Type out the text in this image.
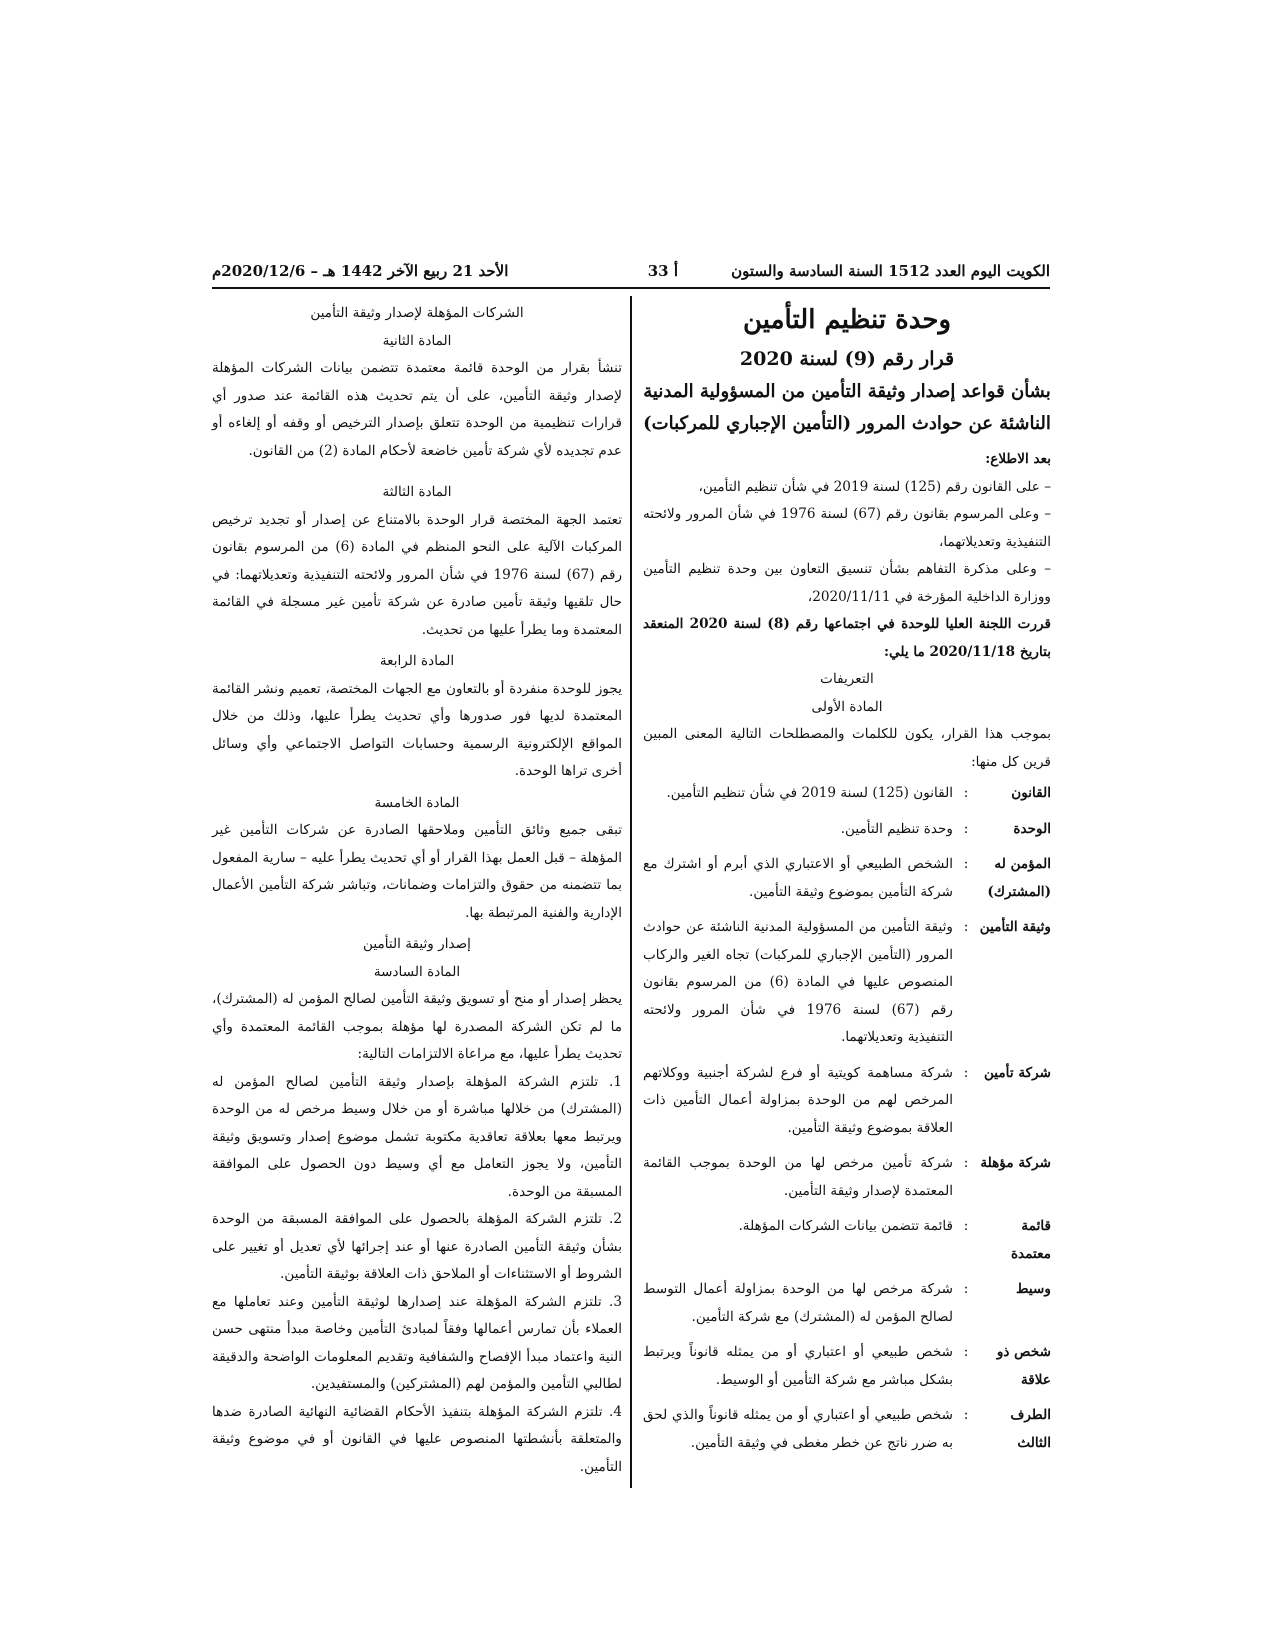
الكويت اليوم العدد 1512 السنة السادسة والستون
أ 33
الأحد 21 ربيع الآخر 1442 هـ – 2020/12/6م
وحدة تنظيم التأمين
قرار رقم (9) لسنة 2020
بشأن قواعد إصدار وثيقة التأمين من المسؤولية المدنية الناشئة عن حوادث المرور (التأمين الإجباري للمركبات)

بعد الاطلاع:

– على القانون رقم (125) لسنة 2019 في شأن تنظيم التأمين،

– وعلى المرسوم بقانون رقم (67) لسنة 1976 في شأن المرور ولائحته التنفيذية وتعديلاتهما،

– وعلى مذكرة التفاهم بشأن تنسيق التعاون بين وحدة تنظيم التأمين ووزارة الداخلية المؤرخة في 2020/11/11،

قررت اللجنة العليا للوحدة في اجتماعها رقم (8) لسنة 2020 المنعقد بتاريخ 2020/11/18 ما يلي:

التعريفات

المادة الأولى

بموجب هذا القرار، يكون للكلمات والمصطلحات التالية المعنى المبين قرين كل منها:

القانون
:
القانون (125) لسنة 2019 في شأن تنظيم التأمين.
الوحدة
:
وحدة تنظيم التأمين.
المؤمن له (المشترك)
:
الشخص الطبيعي أو الاعتباري الذي أبرم أو اشترك مع شركة التأمين بموضوع وثيقة التأمين.
وثيقة التأمين
:
وثيقة التأمين من المسؤولية المدنية الناشئة عن حوادث المرور (التأمين الإجباري للمركبات) تجاه الغير والركاب المنصوص عليها في المادة (6) من المرسوم بقانون رقم (67) لسنة 1976 في شأن المرور ولائحته التنفيذية وتعديلاتهما.
شركة تأمين
:
شركة مساهمة كويتية أو فرع لشركة أجنبية ووكلاتهم المرخص لهم من الوحدة بمزاولة أعمال التأمين ذات العلاقة بموضوع وثيقة التأمين.
شركة مؤهلة
:
شركة تأمين مرخص لها من الوحدة بموجب القائمة المعتمدة لإصدار وثيقة التأمين.
قائمة معتمدة
:
قائمة تتضمن بيانات الشركات المؤهلة.
وسيط
:
شركة مرخص لها من الوحدة بمزاولة أعمال التوسط لصالح المؤمن له (المشترك) مع شركة التأمين.
شخص ذو علاقة
:
شخص طبيعي أو اعتباري أو من يمثله قانوناً ويرتبط بشكل مباشر مع شركة التأمين أو الوسيط.
الطرف الثالث
:
شخص طبيعي أو اعتباري أو من يمثله قانوناً والذي لحق به ضرر ناتج عن خطر مغطى في وثيقة التأمين.

الشركات المؤهلة لإصدار وثيقة التأمين

المادة الثانية

تنشأ بقرار من الوحدة قائمة معتمدة تتضمن بيانات الشركات المؤهلة لإصدار وثيقة التأمين، على أن يتم تحديث هذه القائمة عند صدور أي قرارات تنظيمية من الوحدة تتعلق بإصدار الترخيص أو وقفه أو إلغاءه أو عدم تجديده لأي شركة تأمين خاضعة لأحكام المادة (2) من القانون.

المادة الثالثة

تعتمد الجهة المختصة قرار الوحدة بالامتناع عن إصدار أو تجديد ترخيص المركبات الآلية على النحو المنظم في المادة (6) من المرسوم بقانون رقم (67) لسنة 1976 في شأن المرور ولائحته التنفيذية وتعديلاتهما: في حال تلقيها وثيقة تأمين صادرة عن شركة تأمين غير مسجلة في القائمة المعتمدة وما يطرأ عليها من تحديث.

المادة الرابعة

يجوز للوحدة منفردة أو بالتعاون مع الجهات المختصة، تعميم ونشر القائمة المعتمدة لديها فور صدورها وأي تحديث يطرأ عليها، وذلك من خلال المواقع الإلكترونية الرسمية وحسابات التواصل الاجتماعي وأي وسائل أخرى تراها الوحدة.

المادة الخامسة

تبقى جميع وثائق التأمين وملاحقها الصادرة عن شركات التأمين غير المؤهلة – قبل العمل بهذا القرار أو أي تحديث يطرأ عليه – سارية المفعول بما تتضمنه من حقوق والتزامات وضمانات، وتباشر شركة التأمين الأعمال الإدارية والفنية المرتبطة بها.

إصدار وثيقة التأمين

المادة السادسة

يحظر إصدار أو منح أو تسويق وثيقة التأمين لصالح المؤمن له (المشترك)، ما لم تكن الشركة المصدرة لها مؤهلة بموجب القائمة المعتمدة وأي تحديث يطرأ عليها، مع مراعاة الالتزامات التالية:

1. تلتزم الشركة المؤهلة بإصدار وثيقة التأمين لصالح المؤمن له (المشترك) من خلالها مباشرة أو من خلال وسيط مرخص له من الوحدة ويرتبط معها بعلاقة تعاقدية مكتوبة تشمل موضوع إصدار وتسويق وثيقة التأمين، ولا يجوز التعامل مع أي وسيط دون الحصول على الموافقة المسبقة من الوحدة.

2. تلتزم الشركة المؤهلة بالحصول على الموافقة المسبقة من الوحدة بشأن وثيقة التأمين الصادرة عنها أو عند إجرائها لأي تعديل أو تغيير على الشروط أو الاستثناءات أو الملاحق ذات العلاقة بوثيقة التأمين.

3. تلتزم الشركة المؤهلة عند إصدارها لوثيقة التأمين وعند تعاملها مع العملاء بأن تمارس أعمالها وفقاً لمبادئ التأمين وخاصة مبدأ منتهى حسن النية واعتماد مبدأ الإفصاح والشفافية وتقديم المعلومات الواضحة والدقيقة لطالبي التأمين والمؤمن لهم (المشتركين) والمستفيدين.

4. تلتزم الشركة المؤهلة بتنفيذ الأحكام القضائية النهائية الصادرة ضدها والمتعلقة بأنشطتها المنصوص عليها في القانون أو في موضوع وثيقة التأمين.
